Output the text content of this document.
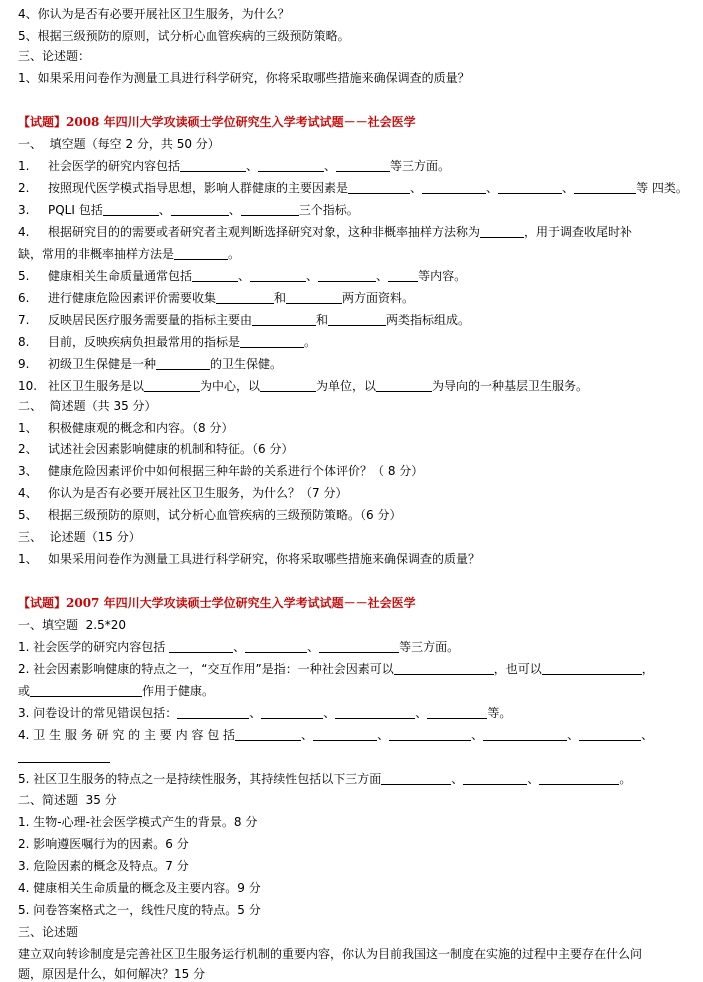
4、你认为是否有必要开展社区卫生服务，为什么？
5、根据三级预防的原则，试分析心血管疾病的三级预防策略。
三、论述题：
1、如果采用问卷作为测量工具进行科学研究，你将采取哪些措施来确保调查的质量？
【试题】2008 年四川大学攻读硕士学位研究生入学考试试题－－社会医学
一、  填空题（每空 2 分，共 50 分）
1. 社会医学的研究内容包括	、	、	等三方面。
2. 按照现代医学模式指导思想，影响人群健康的主要因素是	、	、	、	等 四类。
3. PQLI 包括	、	、	三个指标。
4. 根据研究目的的需要或者研究者主观判断选择研究对象，这种非概率抽样方法称为	，用于调查收尾时补
缺，常用的非概率抽样方法是	。
5. 健康相关生命质量通常包括	、	、	、	等内容。
6. 进行健康危险因素评价需要收集	和	两方面资料。
7. 反映居民医疗服务需要量的指标主要由	和	两类指标组成。
8. 目前，反映疾病负担最常用的指标是	。
9. 初级卫生保健是一种	的卫生保健。
10. 社区卫生服务是以	为中心，以	为单位，以	为导向的一种基层卫生服务。
二、  简述题（共 35 分）
1、 积极健康观的概念和内容。（8 分）
2、 试述社会因素影响健康的机制和特征。（6 分）
3、 健康危险因素评价中如何根据三种年龄的关系进行个体评价？（ 8 分）
4、 你认为是否有必要开展社区卫生服务，为什么？（7 分）
5、 根据三级预防的原则，试分析心血管疾病的三级预防策略。（6 分）
三、  论述题（15 分）
1、 如果采用问卷作为测量工具进行科学研究，你将采取哪些措施来确保调查的质量？
【试题】2007 年四川大学攻读硕士学位研究生入学考试试题－－社会医学
一、填空题  2.5*20
1. 社会医学的研究内容包括	、	、	等三方面。
2. 社会因素影响健康的特点之一，“交互作用”是指：一种社会因素可以	，也可以	，
或	作用于健康。
3. 问卷设计的常见错误包括：	、	、	、	等。
4. 卫 生 服 务 研 究 的 主 要 内 容 包 括	、	、	、	、	、
5. 社区卫生服务的特点之一是持续性服务，其持续性包括以下三方面	、	、	。
二、简述题  35 分
1. 生物-心理-社会医学模式产生的背景。8 分
2. 影响遵医嘱行为的因素。6 分
3. 危险因素的概念及特点。7 分
4. 健康相关生命质量的概念及主要内容。9 分
5. 问卷答案格式之一，线性尺度的特点。5 分
三、论述题
建立双向转诊制度是完善社区卫生服务运行机制的重要内容，你认为目前我国这一制度在实施的过程中主要存在什么问
题，原因是什么，如何解决？15 分
